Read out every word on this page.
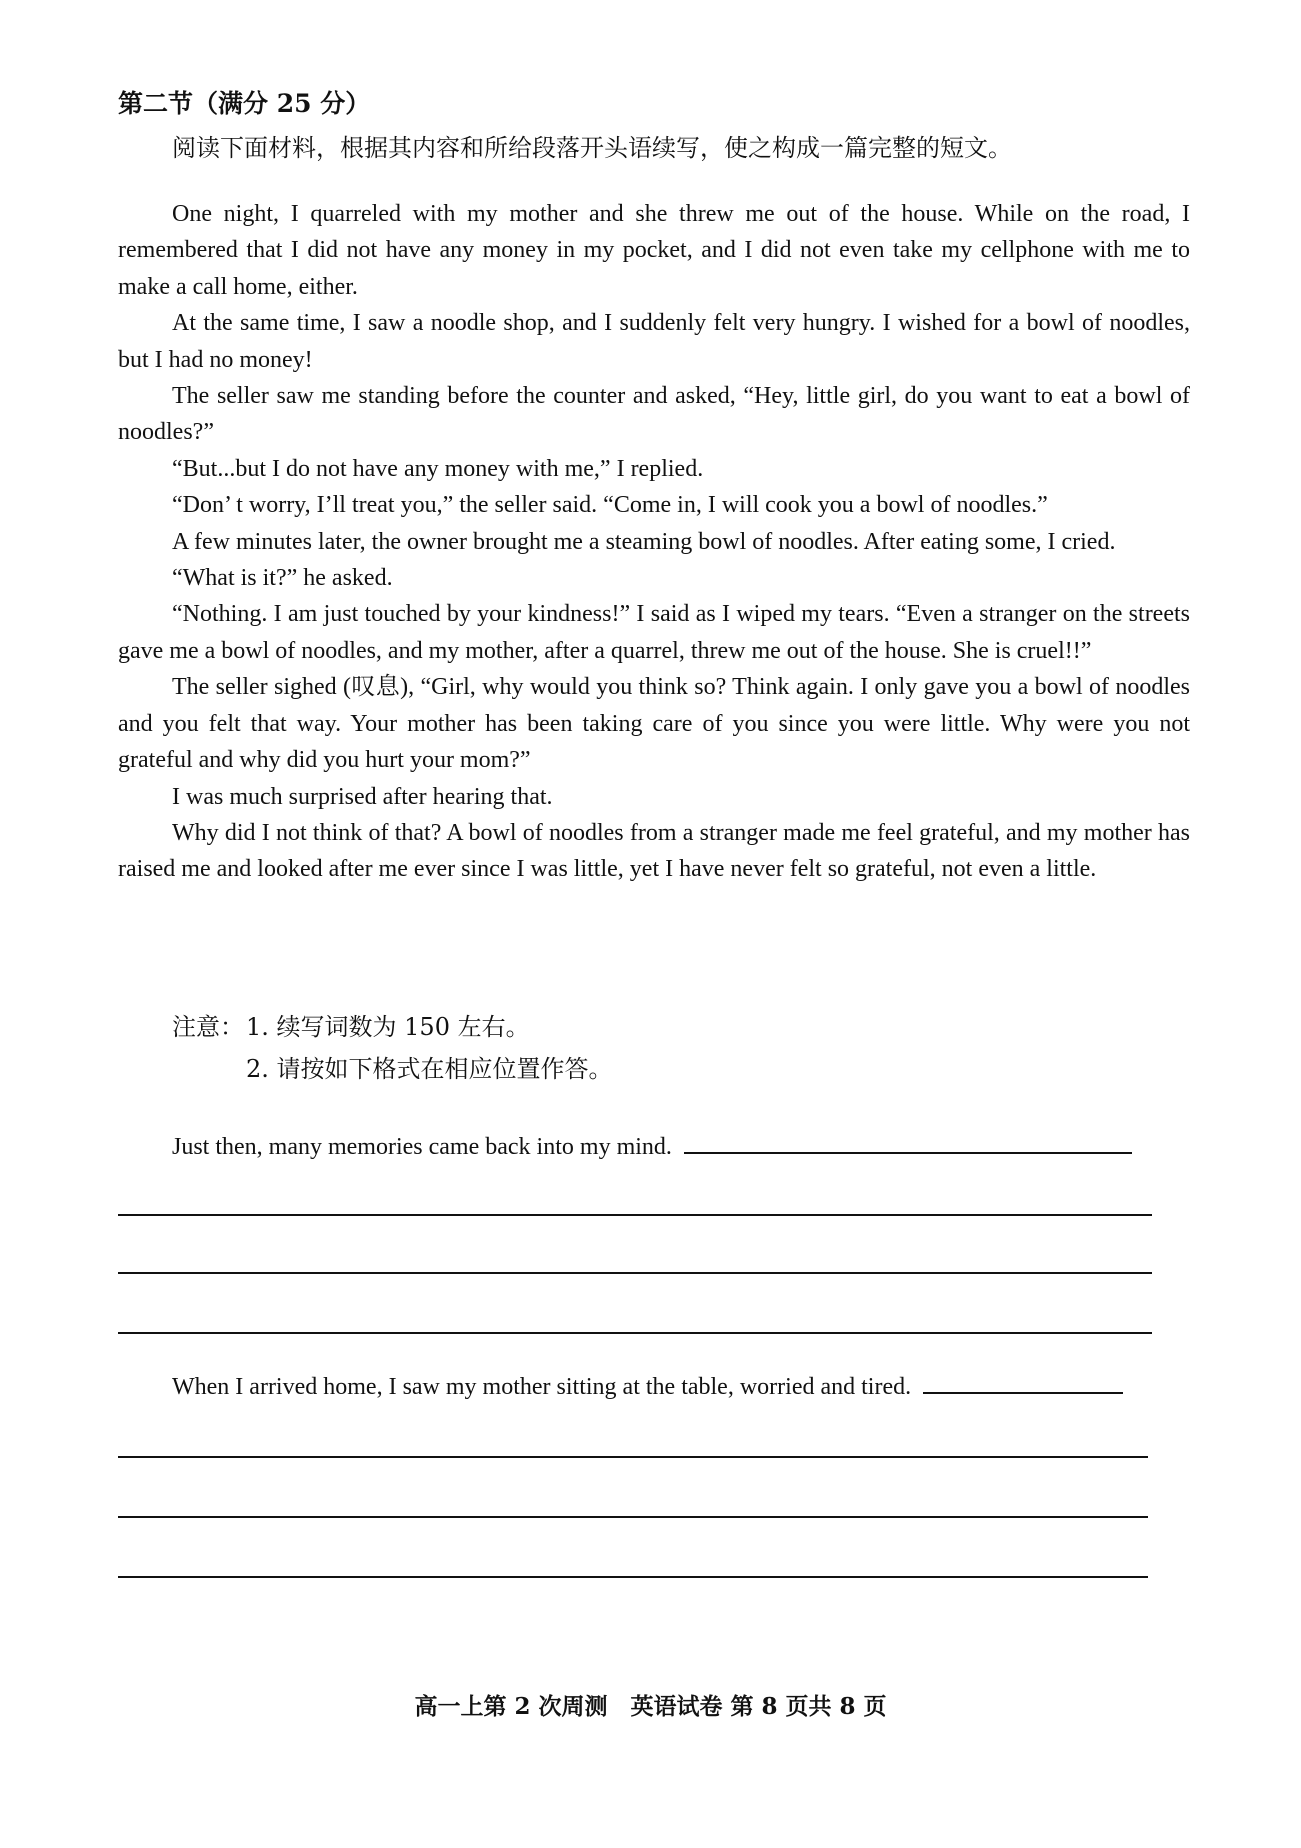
第二节（满分 25 分）
阅读下面材料，根据其内容和所给段落开头语续写，使之构成一篇完整的短文。

One night, I quarreled with my mother and she threw me out of the house. While on the road, I remembered that I did not have any money in my pocket, and I did not even take my cellphone with me to make a call home, either.

At the same time, I saw a noodle shop, and I suddenly felt very hungry. I wished for a bowl of noodles, but I had no money!

The seller saw me standing before the counter and asked, “Hey, little girl, do you want to eat a bowl of noodles?”

“But...but I do not have any money with me,” I replied.

“Don’ t worry, I’ll treat you,” the seller said. “Come in, I will cook you a bowl of noodles.”

A few minutes later, the owner brought me a steaming bowl of noodles. After eating some, I cried.

“What is it?” he asked.

“Nothing. I am just touched by your kindness!” I said as I wiped my tears. “Even a stranger on the streets gave me a bowl of noodles, and my mother, after a quarrel, threw me out of the house. She is cruel!!”

The seller sighed (叹息), “Girl, why would you think so? Think again. I only gave you a bowl of noodles and you felt that way. Your mother has been taking care of you since you were little. Why were you not grateful and why did you hurt your mom?”

I was much surprised after hearing that.

Why did I not think of that? A bowl of noodles from a stranger made me feel grateful, and my mother has raised me and looked after me ever since I was little, yet I have never felt so grateful, not even a little.

注意： 1. 续写词数为 150 左右。
2. 请按如下格式在相应位置作答。
Just then, many memories came back into my mind.
When I arrived home, I saw my mother sitting at the table, worried and tired.
高一上第 2 次周测　英语试卷 第 8 页共 8 页
